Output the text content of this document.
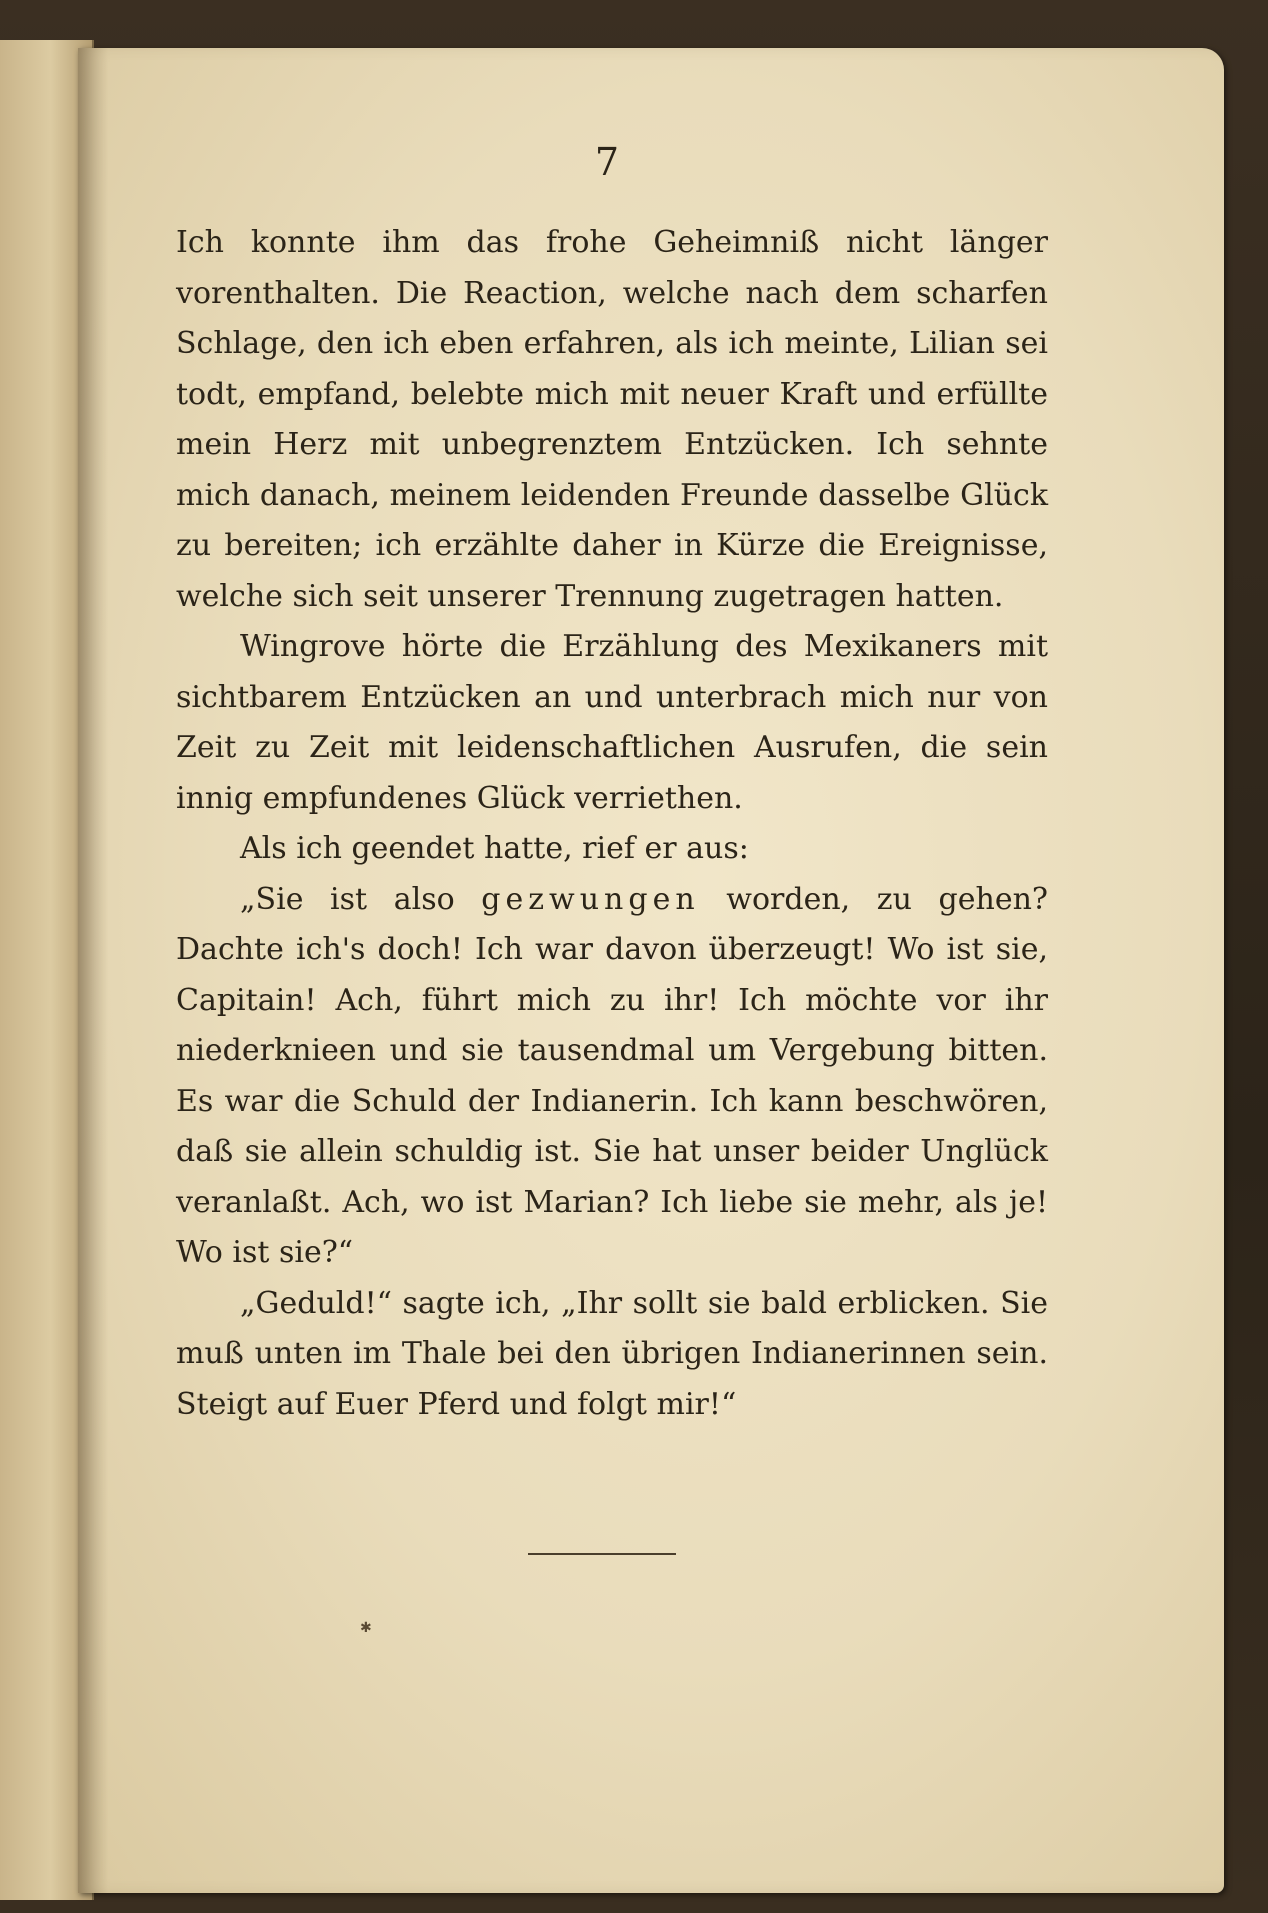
7

Ich konnte ihm das frohe Geheimniß nicht länger vorenthalten. Die Reaction, welche nach dem scharfen Schlage, den ich eben erfahren, als ich meinte, Lilian sei todt, empfand, belebte mich mit neuer Kraft und erfüllte mein Herz mit unbegrenztem Entzücken. Ich sehnte mich danach, meinem leidenden Freunde dasselbe Glück zu bereiten; ich erzählte daher in Kürze die Ereignisse, welche sich seit unserer Trennung zugetragen hatten.

Wingrove hörte die Erzählung des Mexikaners mit sichtbarem Entzücken an und unterbrach mich nur von Zeit zu Zeit mit leidenschaftlichen Ausrufen, die sein innig empfundenes Glück verriethen.

Als ich geendet hatte, rief er aus:

„Sie ist also gezwungen worden, zu gehen? Dachte ich's doch! Ich war davon überzeugt! Wo ist sie, Capitain! Ach, führt mich zu ihr! Ich möchte vor ihr niederknieen und sie tausendmal um Vergebung bitten. Es war die Schuld der Indianerin. Ich kann beschwören, daß sie allein schuldig ist. Sie hat unser beider Unglück veranlaßt. Ach, wo ist Marian? Ich liebe sie mehr, als je! Wo ist sie?“

„Geduld!“ sagte ich, „Ihr sollt sie bald erblicken. Sie muß unten im Thale bei den übrigen Indianerinnen sein. Steigt auf Euer Pferd und folgt mir!“

✱
